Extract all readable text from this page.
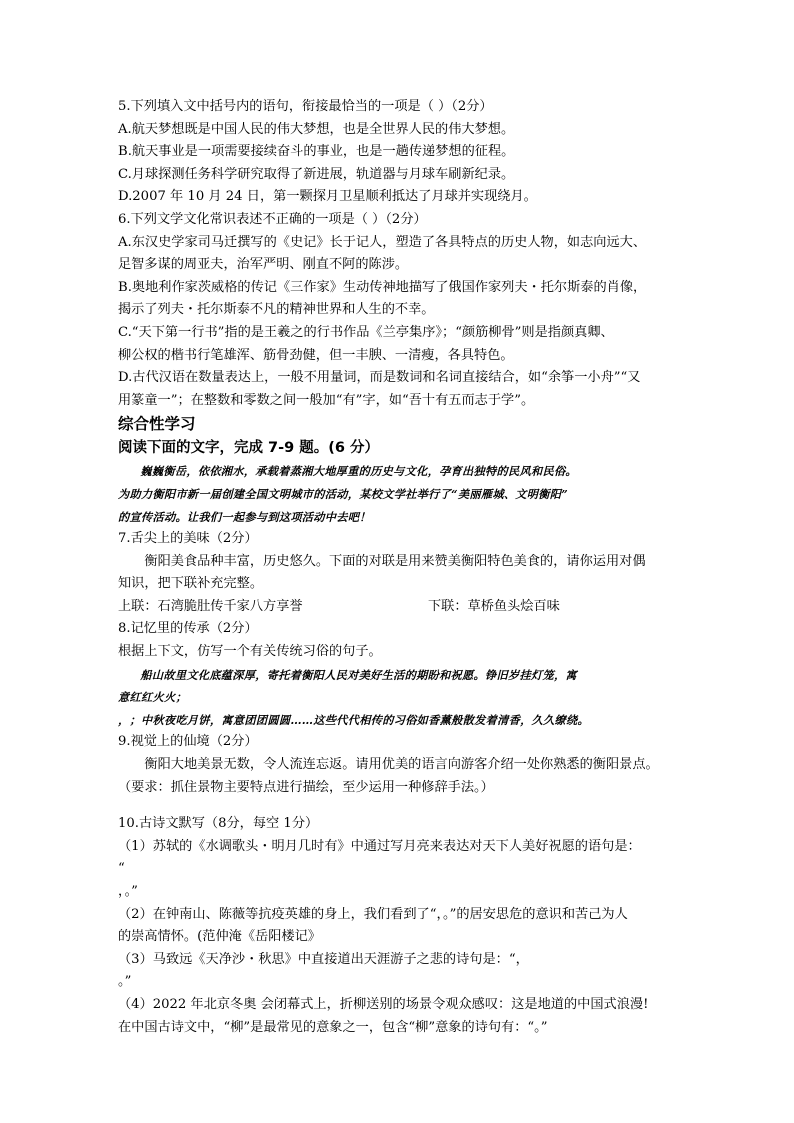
5.下列填入文中括号内的语句，衔接最恰当的一项是（ ）（2分）
A.航天梦想既是中国人民的伟大梦想，也是全世界人民的伟大梦想。
B.航天事业是一项需要接续奋斗的事业，也是一趟传递梦想的征程。
C.月球探测任务科学研究取得了新进展，轨道器与月球车刷新纪录。
D.2007 年 10 月 24 日，第一颗探月卫星顺利抵达了月球并实现绕月。
6.下列文学文化常识表述不正确的一项是（ ）（2分）
A.东汉史学家司马迁撰写的《史记》长于记人，塑造了各具特点的历史人物，如志向远大、
足智多谋的周亚夫，治军严明、刚直不阿的陈涉。
B.奥地利作家茨威格的传记《三作家》生动传神地描写了俄国作家列夫・托尔斯泰的肖像，
揭示了列夫・托尔斯泰不凡的精神世界和人生的不幸。
C.“天下第一行书”指的是王羲之的行书作品《兰亭集序》；“颜筋柳骨”则是指颜真卿、
柳公权的楷书行笔雄浑、筋骨劲健，但一丰腴、一清瘦，各具特色。
D.古代汉语在数量表达上，一般不用量词，而是数词和名词直接结合，如“余筝一小舟”“又
用篆童一”；在整数和零数之间一般加“有”字，如“吾十有五而志于学”。
综合性学习
阅读下面的文字，完成 7-9 题。(6 分）
巍巍衡岳，依依湘水，承载着蒸湘大地厚重的历史与文化，孕育出独特的民风和民俗。
为助力衡阳市新一届创建全国文明城市的活动，某校文学社举行了“美丽雁城、文明衡阳”
的宣传活动。让我们一起参与到这项活动中去吧！
7.舌尖上的美味（2分）
衡阳美食品种丰富，历史悠久。下面的对联是用来赞美衡阳特色美食的，请你运用对偶
知识，把下联补充完整。
上联：石湾脆肚传千家八方享誉	下联：草桥鱼头烩百味
8.记忆里的传承（2分）
根据上下文，仿写一个有关传统习俗的句子。
船山故里文化底蕴深厚，寄托着衡阳人民对美好生活的期盼和祝愿。铮旧岁挂灯笼，寓
意红红火火；
，；中秋夜吃月饼，寓意团团圆圆……这些代代相传的习俗如香薰般散发着清香，久久缭绕。
9.视觉上的仙境（2分）
衡阳大地美景无数，令人流连忘返。请用优美的语言向游客介绍一处你熟悉的衡阳景点。
（要求：抓住景物主要特点进行描绘，至少运用一种修辞手法。）
10.古诗文默写（8分，每空 1分）
（1）苏轼的《水调歌头・明月几时有》中通过写月亮来表达对天下人美好祝愿的语句是：
“
，。”
（2）在钟南山、陈薇等抗疫英雄的身上，我们看到了“，。”的居安思危的意识和苦己为人
的崇高情怀。(范仲淹《岳阳楼记》
（3）马致远《天净沙・秋思》中直接道出天涯游子之悲的诗句是：“，
。”
（4）2022 年北京冬奥 会闭幕式上，折柳送别的场景令观众感叹：这是地道的中国式浪漫!
在中国古诗文中，“柳”是最常见的意象之一，包含“柳”意象的诗句有：“。”
